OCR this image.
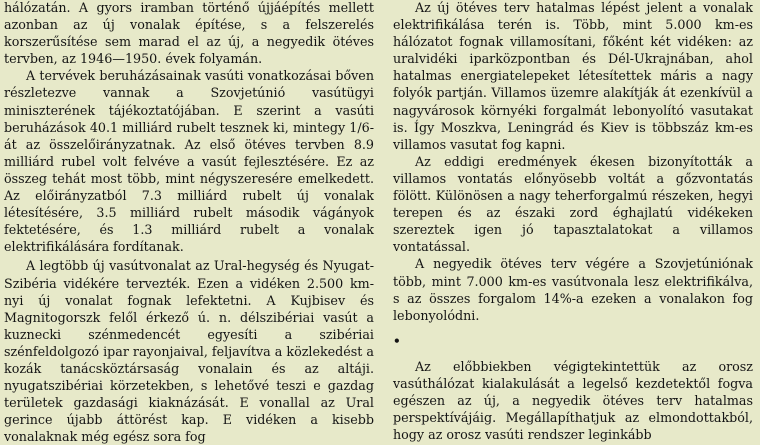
hálózatán. A gyors iramban történő újjáépítés mellett azonban az új vonalak építése, s a felszerelés korszerűsítése sem marad el az új, a negyedik ötéves tervben, az 1946—1950. évek folyamán.

A tervévek beruházásainak vasúti vonatkozásai bőven részletezve vannak a Szovjetúnió vasútügyi miniszterének tájékoztatójában. E szerint a vasúti beruházások 40.1 milliárd rubelt tesznek ki, mintegy 1/6-át az összelőirányzatnak. Az első ötéves tervben 8.9 milliárd rubel volt felvéve a vasút fejlesztésére. Ez az összeg tehát most több, mint négyszeresére emelkedett. Az előirányzatból 7.3 milliárd rubelt új vonalak létesítésére, 3.5 milliárd rubelt második vágányok fektetésére, és 1.3 milliárd rubelt a vonalak elektrifikálására fordítanak.

A legtöbb új vasútvonalat az Ural-hegység és Nyugat-Szibéria vidékére tervezték. Ezen a vidéken 2.500 km-nyi új vonalat fognak lefektetni. A Kujbisev és Magnitogorszk felől érkező ú. n. délszibériai vasút a kuznecki szénmedencét egyesíti a szibériai szénfeldolgozó ipar rayonjaival, feljavítva a közlekedést a kozák tanácsköztársaság vonalain és az altáji. nyugatszibériai körzetekben, s lehetővé teszi e gazdag területek gazdasági kiaknázását. E vonallal az Ural gerince újabb áttörést kap. E vidéken a kisebb vonalaknak még egész sora fog

Az új ötéves terv hatalmas lépést jelent a vonalak elektrifikálása terén is. Több, mint 5.000 km-es hálózatot fognak villamosítani, főként két vidéken: az uralvidéki iparközpontban és Dél-Ukrajnában, ahol hatalmas energiatelepeket létesítettek máris a nagy folyók partján. Villamos üzemre alakítják át ezenkívül a nagyvárosok környéki forgalmát lebonyolító vasutakat is. Így Moszkva, Leningrád és Kiev is többszáz km-es villamos vasutat fog kapni.

Az eddigi eredmények ékesen bizonyították a villamos vontatás előnyösebb voltát a gőzvontatás fölött. Különösen a nagy teherforgalmú részeken, hegyi terepen és az északi zord éghajlatú vidékeken szereztek igen jó tapasztalatokat a villamos vontatással.

A negyedik ötéves terv végére a Szovjetúniónak több, mint 7.000 km-es vasútvonala lesz elektrifikálva, s az összes forgalom 14%-a ezeken a vonalakon fog lebonyolódni.

•

Az előbbiekben végigtekintettük az orosz vasúthálózat kialakulását a legelső kezdetektől fogva egészen az új, a negyedik ötéves terv hatalmas perspektívájáig. Megállapíthatjuk az elmondottakból, hogy az orosz vasúti rendszer leginkább
